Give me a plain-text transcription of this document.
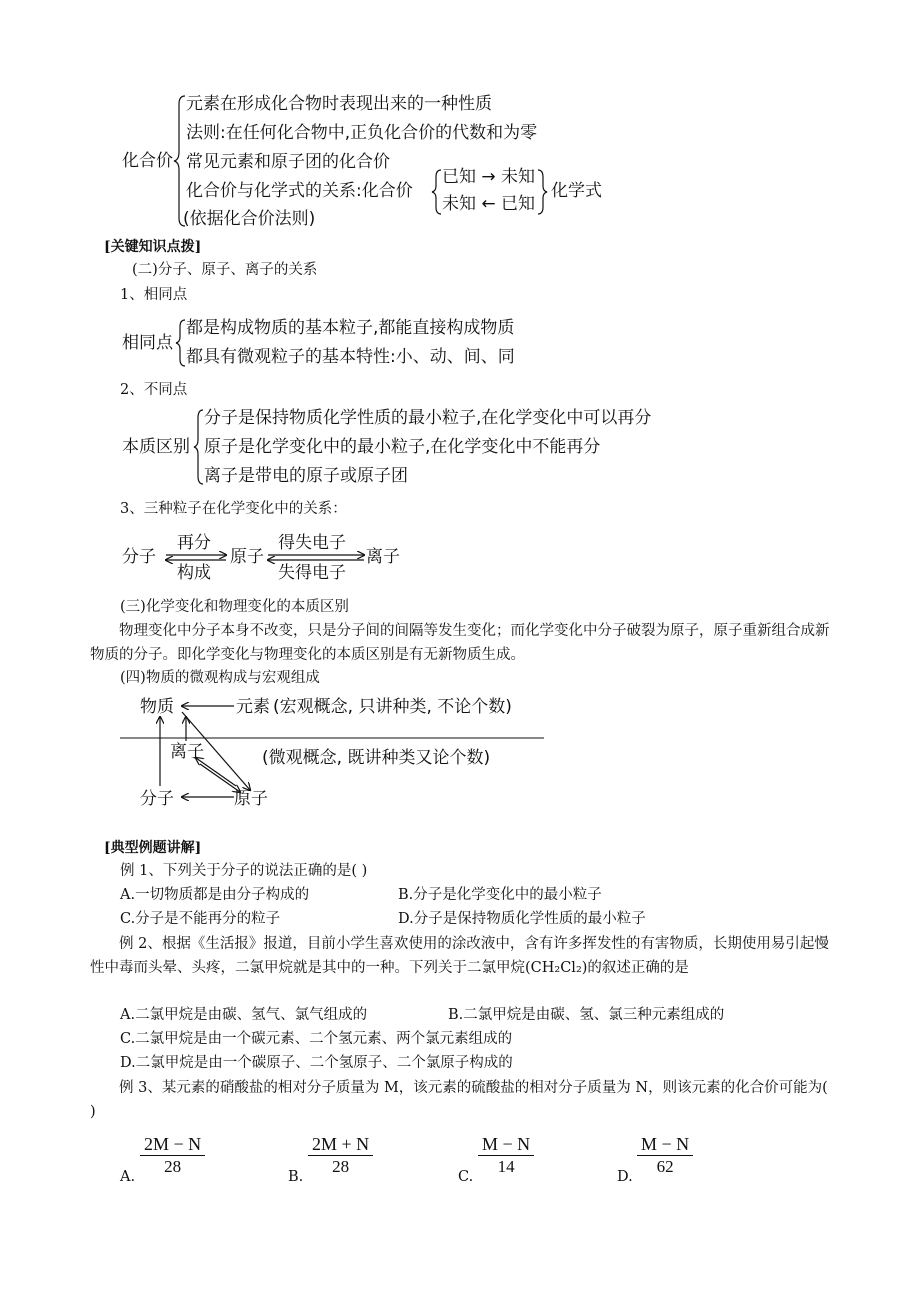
化合价
元素在形成化合物时表现出来的一种性质
法则:在任何化合物中,正负化合价的代数和为零
常见元素和原子团的化合价
化合价与化学式的关系:化合价
(依据化合价法则)
已知 → 未知
未知 ← 已知
化学式
[关键知识点拨]
(二)分子、原子、离子的关系
1、相同点
相同点
都是构成物质的基本粒子,都能直接构成物质
都具有微观粒子的基本特性:小、动、间、同
2、不同点
本质区别
分子是保持物质化学性质的最小粒子,在化学变化中可以再分
原子是化学变化中的最小粒子,在化学变化中不能再分
离子是带电的原子或原子团
3、三种粒子在化学变化中的关系：
分子
再分
构成
原子
得失电子
失得电子
离子
(三)化学变化和物理变化的本质区别
物理变化中分子本身不改变，只是分子间的间隔等发生变化；而化学变化中分子破裂为原子，原子重新组合成新物质的分子。即化学变化与物理变化的本质区别是有无新物质生成。
(四)物质的微观构成与宏观组成
物质	元素 (宏观概念, 只讲种类, 不论个数)
离子	(微观概念, 既讲种类又论个数)
分子	原子
[典型例题讲解]
例 1、下列关于分子的说法正确的是( )
A.一切物质都是由分子构成的	B.分子是化学变化中的最小粒子
C.分子是不能再分的粒子	D.分子是保持物质化学性质的最小粒子
例 2、根据《生活报》报道，目前小学生喜欢使用的涂改液中，含有许多挥发性的有害物质，长期使用易引起慢性中毒而头晕、头疼，二氯甲烷就是其中的一种。下列关于二氯甲烷(CH₂Cl₂)的叙述正确的是
A.二氯甲烷是由碳、氢气、氯气组成的	B.二氯甲烷是由碳、氢、氯三种元素组成的
C.二氯甲烷是由一个碳元素、二个氢元素、两个氯元素组成的
D.二氯甲烷是由一个碳原子、二个氢原子、二个氯原子构成的
例 3、某元素的硝酸盐的相对分子质量为 M，该元素的硫酸盐的相对分子质量为 N，则该元素的化合价可能为( )
A. $\frac{2M - N}{28}$	B. $\frac{2M + N}{28}$	C. $\frac{M - N}{14}$	D. $\frac{M - N}{62}$
